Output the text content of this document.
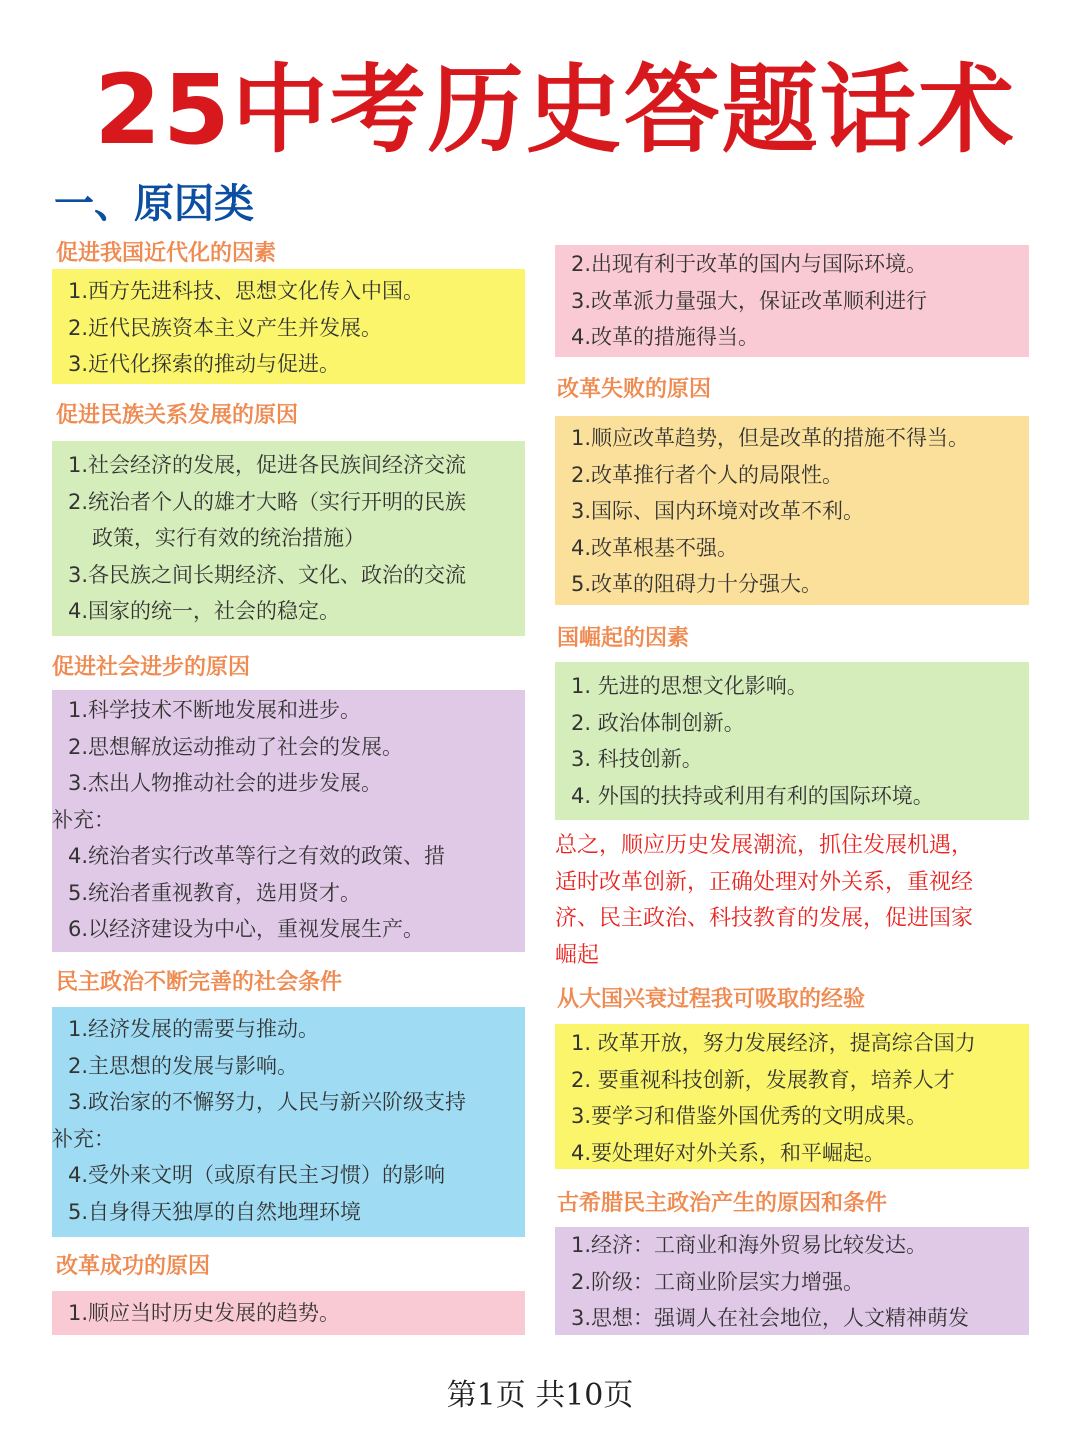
25中考历史答题话术
一、原因类
促进我国近代化的因素
1.西方先进科技、思想文化传入中国。
2.近代民族资本主义产生并发展。
3.近代化探索的推动与促进。
促进民族关系发展的原因
1.社会经济的发展，促进各民族间经济交流
2.统治者个人的雄才大略（实行开明的民族
政策，实行有效的统治措施）
3.各民族之间长期经济、文化、政治的交流
4.国家的统一，社会的稳定。
促进社会进步的原因
1.科学技术不断地发展和进步。
2.思想解放运动推动了社会的发展。
3.杰出人物推动社会的进步发展。
补充：
4.统治者实行改革等行之有效的政策、措
5.统治者重视教育，选用贤才。
6.以经济建设为中心，重视发展生产。
民主政治不断完善的社会条件
1.经济发展的需要与推动。
2.主思想的发展与影响。
3.政治家的不懈努力，人民与新兴阶级支持
补充：
4.受外来文明（或原有民主习惯）的影响
5.自身得天独厚的自然地理环境
改革成功的原因
1.顺应当时历史发展的趋势。
2.出现有利于改革的国内与国际环境。
3.改革派力量强大，保证改革顺利进行
4.改革的措施得当。
改革失败的原因
1.顺应改革趋势，但是改革的措施不得当。
2.改革推行者个人的局限性。
3.国际、国内环境对改革不利。
4.改革根基不强。
5.改革的阻碍力十分强大。
国崛起的因素
1. 先进的思想文化影响。
2. 政治体制创新。
3. 科技创新。
4. 外国的扶持或利用有利的国际环境。
总之，顺应历史发展潮流，抓住发展机遇，
适时改革创新，正确处理对外关系，重视经
济、民主政治、科技教育的发展，促进国家
崛起
从大国兴衰过程我可吸取的经验
1. 改革开放，努力发展经济，提高综合国力
2. 要重视科技创新，发展教育，培养人才
3.要学习和借鉴外国优秀的文明成果。
4.要处理好对外关系，和平崛起。
古希腊民主政治产生的原因和条件
1.经济：工商业和海外贸易比较发达。
2.阶级：工商业阶层实力增强。
3.思想：强调人在社会地位，人文精神萌发
第1页 共10页
